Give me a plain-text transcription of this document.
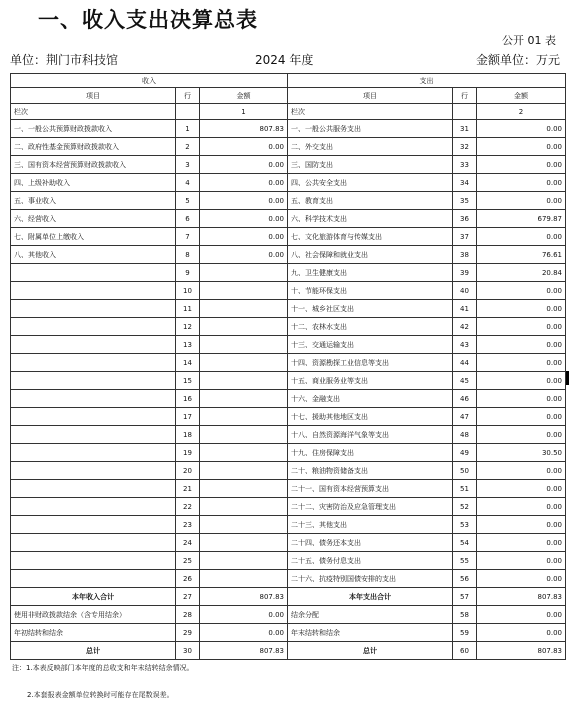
一、收入支出决算总表
公开 01 表
单位：荆门市科技馆	2024 年度	金额单位：万元
收入			支出		
项目	行	金额	项目	行	金额
栏次		1	栏次		2
一、一般公共预算财政拨款收入	1	807.83	一、一般公共服务支出	31	0.00
二、政府性基金预算财政拨款收入	2	0.00	二、外交支出	32	0.00
三、国有资本经营预算财政拨款收入	3	0.00	三、国防支出	33	0.00
四、上级补助收入	4	0.00	四、公共安全支出	34	0.00
五、事业收入	5	0.00	五、教育支出	35	0.00
六、经营收入	6	0.00	六、科学技术支出	36	679.87
七、附属单位上缴收入	7	0.00	七、文化旅游体育与传媒支出	37	0.00
八、其他收入	8	0.00	八、社会保障和就业支出	38	76.61
	9		九、卫生健康支出	39	20.84
	10		十、节能环保支出	40	0.00
	11		十一、城乡社区支出	41	0.00
	12		十二、农林水支出	42	0.00
	13		十三、交通运输支出	43	0.00
	14		十四、资源勘探工业信息等支出	44	0.00
	15		十五、商业服务业等支出	45	0.00
	16		十六、金融支出	46	0.00
	17		十七、援助其他地区支出	47	0.00
	18		十八、自然资源海洋气象等支出	48	0.00
	19		十九、住房保障支出	49	30.50
	20		二十、粮油物资储备支出	50	0.00
	21		二十一、国有资本经营预算支出	51	0.00
	22		二十二、灾害防治及应急管理支出	52	0.00
	23		二十三、其他支出	53	0.00
	24		二十四、债务还本支出	54	0.00
	25		二十五、债务付息支出	55	0.00
	26		二十六、抗疫特别国债安排的支出	56	0.00
本年收入合计	27	807.83	本年支出合计	57	807.83
使用非财政拨款结余（含专用结余）	28	0.00	结余分配	58	0.00
年初结转和结余	29	0.00	年末结转和结余	59	0.00
总计	30	807.83	总计	60	807.83
注：1.本表反映部门本年度的总收支和年末结转结余情况。
2.本套报表金额单位转换时可能存在尾数误差。
